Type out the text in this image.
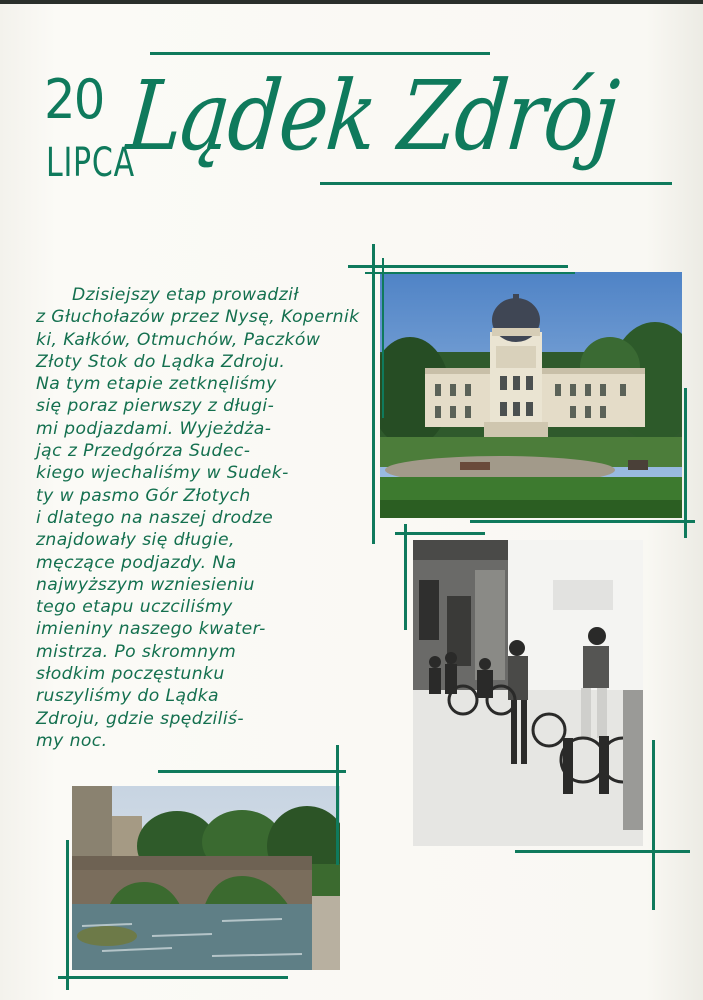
20
LIPCA
Lądek Zdrój
Dzisiejszy etap prowadził
z Głuchołazów przez Nysę, Kopernik
ki, Kałków, Otmuchów, Paczków
Złoty Stok do Lądka Zdroju.
Na tym etapie zetknęliśmy
się poraz pierwszy z długi-
mi podjazdami. Wyjeżdża-
jąc z Przedgórza Sudec-
kiego wjechaliśmy w Sudek-
ty w pasmo Gór Złotych
i dlatego na naszej drodze
znajdowały się długie,
męczące podjazdy. Na
najwyższym wzniesieniu
tego etapu uczciliśmy
imieniny naszego kwater-
mistrza. Po skromnym
słodkim poczęstunku
ruszyliśmy do Lądka
Zdroju, gdzie spędziliś-
my noc.
